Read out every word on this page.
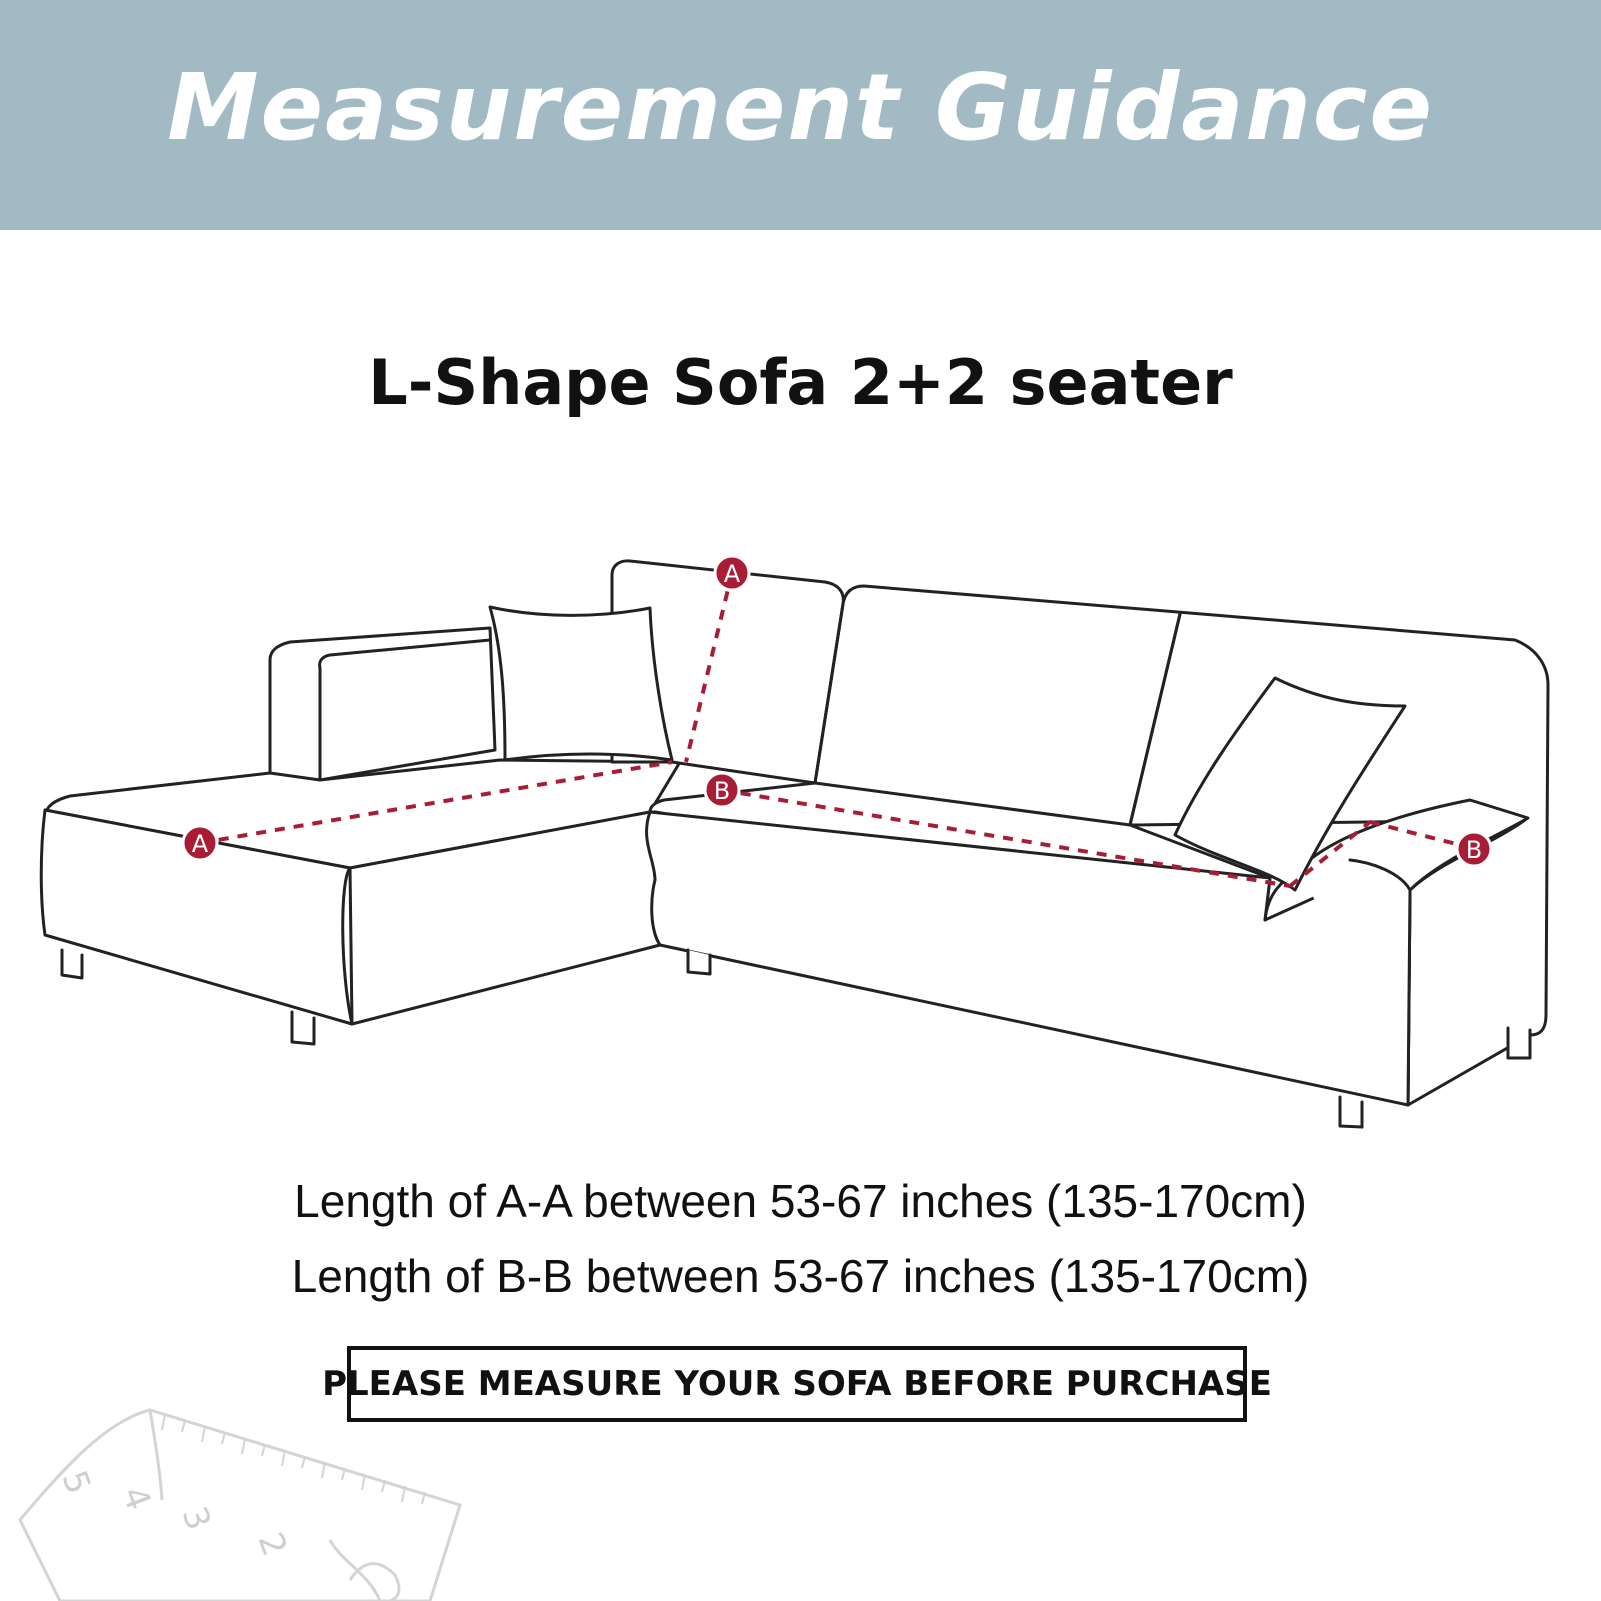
Measurement Guidance
L-Shape Sofa 2+2 seater
5 4
3
2
A
A
B
B
Length of A-A between 53-67 inches (135-170cm)
Length of B-B between 53-67 inches (135-170cm)
PLEASE MEASURE YOUR SOFA BEFORE PURCHASE
